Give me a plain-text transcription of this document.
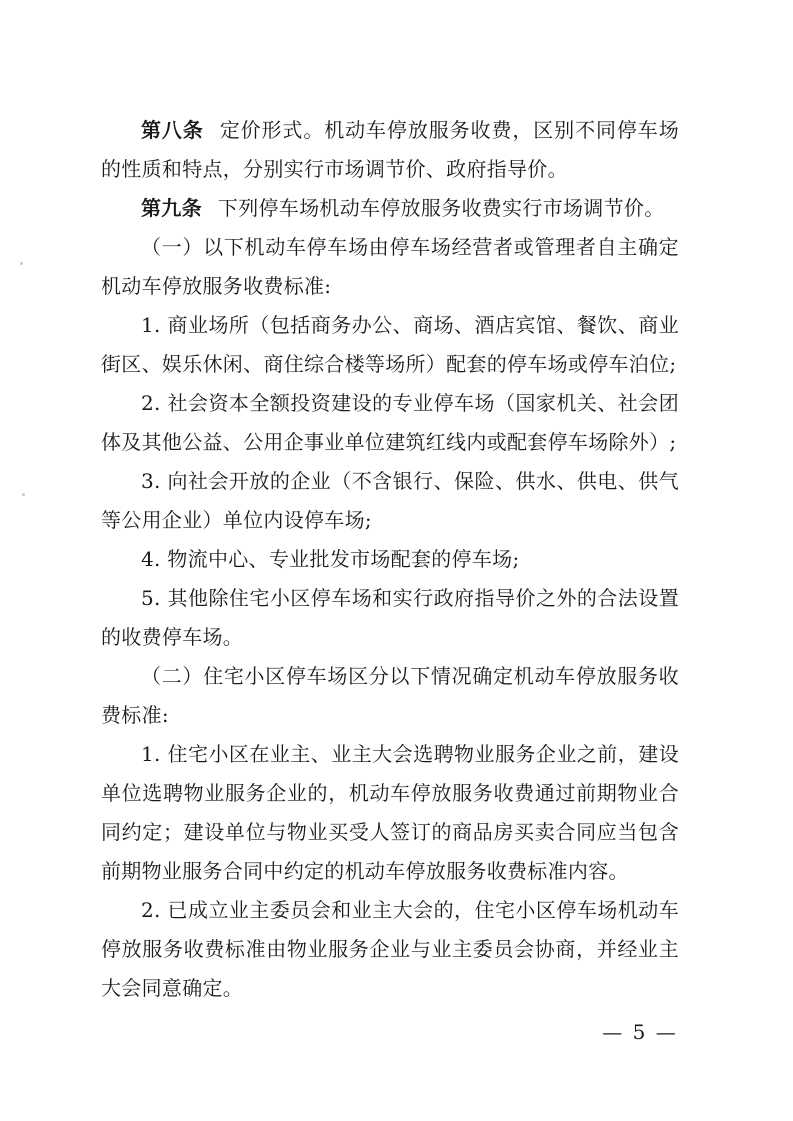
第八条 定价形式。机动车停放服务收费，区别不同停车场的性质和特点，分别实行市场调节价、政府指导价。

第九条 下列停车场机动车停放服务收费实行市场调节价。

（一）以下机动车停车场由停车场经营者或管理者自主确定机动车停放服务收费标准:

1. 商业场所（包括商务办公、商场、酒店宾馆、餐饮、商业街区、娱乐休闲、商住综合楼等场所）配套的停车场或停车泊位;

2. 社会资本全额投资建设的专业停车场（国家机关、社会团体及其他公益、公用企事业单位建筑红线内或配套停车场除外）;

3. 向社会开放的企业（不含银行、保险、供水、供电、供气等公用企业）单位内设停车场;

4. 物流中心、专业批发市场配套的停车场;

5. 其他除住宅小区停车场和实行政府指导价之外的合法设置的收费停车场。

（二）住宅小区停车场区分以下情况确定机动车停放服务收费标准:

1. 住宅小区在业主、业主大会选聘物业服务企业之前，建设单位选聘物业服务企业的，机动车停放服务收费通过前期物业合同约定；建设单位与物业买受人签订的商品房买卖合同应当包含前期物业服务合同中约定的机动车停放服务收费标准内容。

2. 已成立业主委员会和业主大会的，住宅小区停车场机动车停放服务收费标准由物业服务企业与业主委员会协商，并经业主大会同意确定。

— 5 —
